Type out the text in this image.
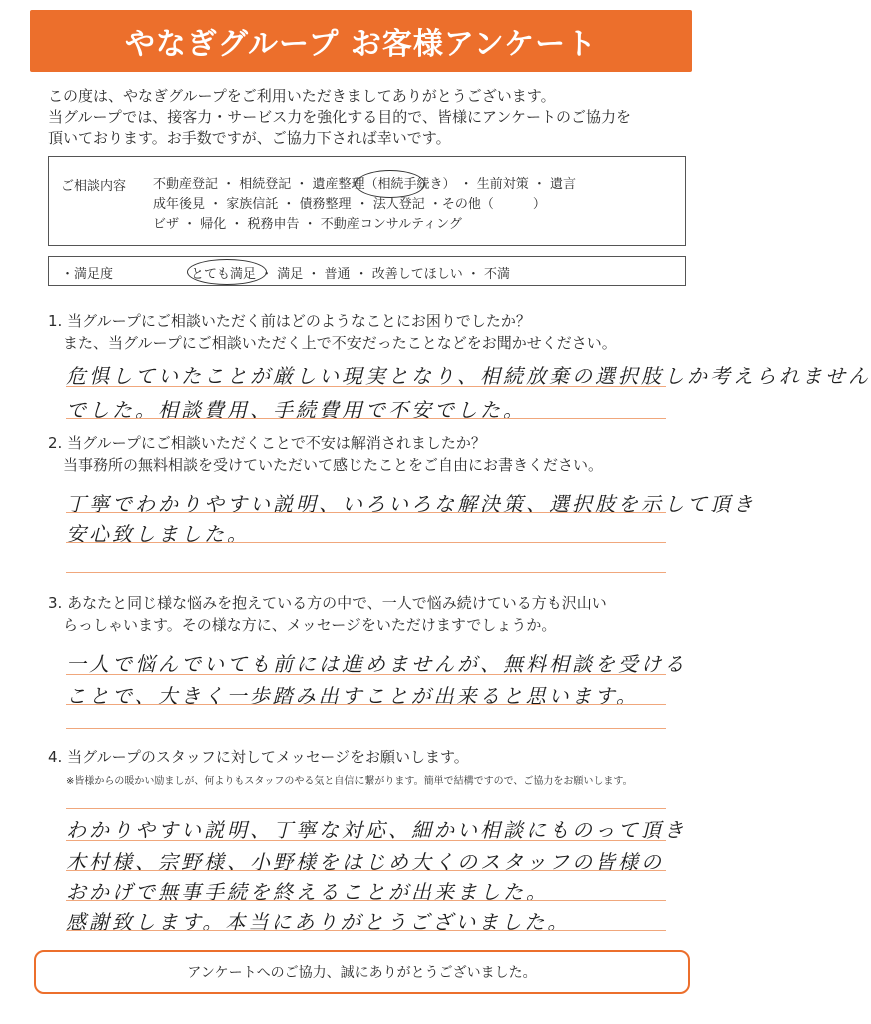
やなぎグループ お客様アンケート
この度は、やなぎグループをご利用いただきましてありがとうございます。
当グループでは、接客力・サービス力を強化する目的で、皆様にアンケートのご協力を
頂いております。お手数ですが、ご協力下されば幸いです。
ご相談内容 不動産登記 ・ 相続登記 ・ 遺産整理（相続手続き） ・ 生前対策 ・ 遺言
成年後見 ・ 家族信託 ・ 債務整理 ・ 法人登記 ・その他（　　　）
ビザ ・ 帰化 ・ 税務申告 ・ 不動産コンサルティング
・満足度	とても満足 ・ 満足 ・ 普通 ・ 改善してほしい ・ 不満
1. 当グループにご相談いただく前はどのようなことにお困りでしたか？
　また、当グループにご相談いただく上で不安だったことなどをお聞かせください。
危惧していたことが厳しい現実となり、相続放棄の選択肢しか考えられません
でした。相談費用、手続費用で不安でした。
2. 当グループにご相談いただくことで不安は解消されましたか？
　当事務所の無料相談を受けていただいて感じたことをご自由にお書きください。
丁寧でわかりやすい説明、いろいろな解決策、選択肢を示して頂き
安心致しました。
3. あなたと同じ様な悩みを抱えている方の中で、一人で悩み続けている方も沢山い
　らっしゃいます。その様な方に、メッセージをいただけますでしょうか。
一人で悩んでいても前には進めませんが、無料相談を受ける
ことで、大きく一歩踏み出すことが出来ると思います。
4. 当グループのスタッフに対してメッセージをお願いします。
※皆様からの暖かい励ましが、何よりもスタッフのやる気と自信に繋がります。簡単で結構ですので、ご協力をお願いします。
わかりやすい説明、丁寧な対応、細かい相談にものって頂き
木村様、宗野様、小野様をはじめ大くのスタッフの皆様の
おかげで無事手続を終えることが出来ました。
感謝致します。本当にありがとうございました。
アンケートへのご協力、誠にありがとうございました。
